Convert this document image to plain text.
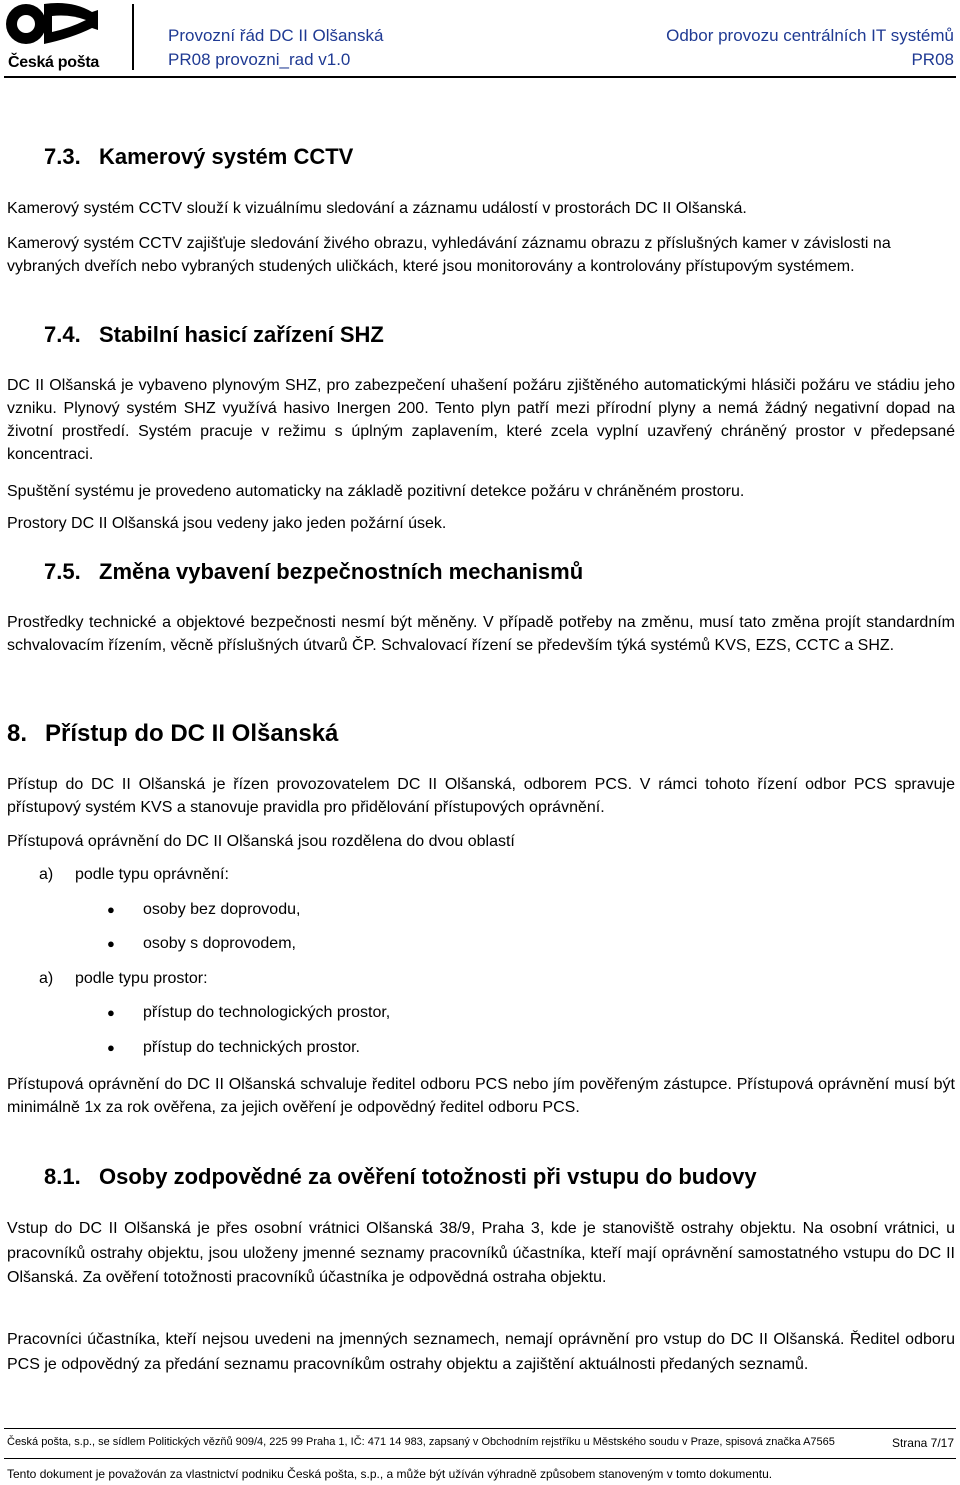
Česká pošta
Provozní řád DC II Olšanská
PR08 provozni_rad v1.0
Odbor provozu centrálních IT systémů
PR08
7.3. Kamerový systém CCTV
Kamerový systém CCTV slouží k vizuálnímu sledování a záznamu událostí v prostorách DC II Olšanská.
Kamerový systém CCTV zajišťuje sledování živého obrazu, vyhledávání záznamu obrazu z příslušných kamer v závislosti na vybraných dveřích nebo vybraných studených uličkách, které jsou monitorovány a kontrolovány přístupovým systémem.
7.4. Stabilní hasicí zařízení SHZ
DC II Olšanská je vybaveno plynovým SHZ, pro zabezpečení uhašení požáru zjištěného automatickými hlásiči požáru ve stádiu jeho vzniku. Plynový systém SHZ využívá hasivo Inergen 200. Tento plyn patří mezi přírodní plyny a nemá žádný negativní dopad na životní prostředí. Systém pracuje v režimu s úplným zaplavením, které zcela vyplní uzavřený chráněný prostor v předepsané koncentraci.
Spuštění systému je provedeno automaticky na základě pozitivní detekce požáru v chráněném prostoru.
Prostory DC II Olšanská jsou vedeny jako jeden požární úsek.
7.5. Změna vybavení bezpečnostních mechanismů
Prostředky technické a objektové bezpečnosti nesmí být měněny. V případě potřeby na změnu, musí tato změna projít standardním schvalovacím řízením, věcně příslušných útvarů ČP. Schvalovací řízení se především týká systémů KVS, EZS, CCTC a SHZ.
8. Přístup do DC II Olšanská
Přístup do DC II Olšanská je řízen provozovatelem DC II Olšanská, odborem PCS. V rámci tohoto řízení odbor PCS spravuje přístupový systém KVS a stanovuje pravidla pro přidělování přístupových oprávnění.
Přístupová oprávnění do DC II Olšanská jsou rozdělena do dvou oblastí
a) podle typu oprávnění:
● osoby bez doprovodu,
● osoby s doprovodem,
a) podle typu prostor:
● přístup do technologických prostor,
● přístup do technických prostor.
Přístupová oprávnění do DC II Olšanská schvaluje ředitel odboru PCS nebo jím pověřeným zástupce. Přístupová oprávnění musí být minimálně 1x za rok ověřena, za jejich ověření je odpovědný ředitel odboru PCS.
8.1. Osoby zodpovědné za ověření totožnosti při vstupu do budovy
Vstup do DC II Olšanská je přes osobní vrátnici Olšanská 38/9, Praha 3, kde je stanoviště ostrahy objektu. Na osobní vrátnici, u pracovníků ostrahy objektu, jsou uloženy jmenné seznamy pracovníků účastníka, kteří mají oprávnění samostatného vstupu do DC II Olšanská. Za ověření totožnosti pracovníků účastníka je odpovědná ostraha objektu.
Pracovníci účastníka, kteří nejsou uvedeni na jmenných seznamech, nemají oprávnění pro vstup do DC II Olšanská. Ředitel odboru PCS je odpovědný za předání seznamu pracovníkům ostrahy objektu a zajištění aktuálnosti předaných seznamů.
Česká pošta, s.p., se sídlem Politických vězňů 909/4, 225 99 Praha 1, IČ: 471 14 983, zapsaný v Obchodním rejstříku u Městského soudu v Praze, spisová značka A7565	Strana 7/17
Tento dokument je považován za vlastnictví podniku Česká pošta, s.p., a může být užíván výhradně způsobem stanoveným v tomto dokumentu.
